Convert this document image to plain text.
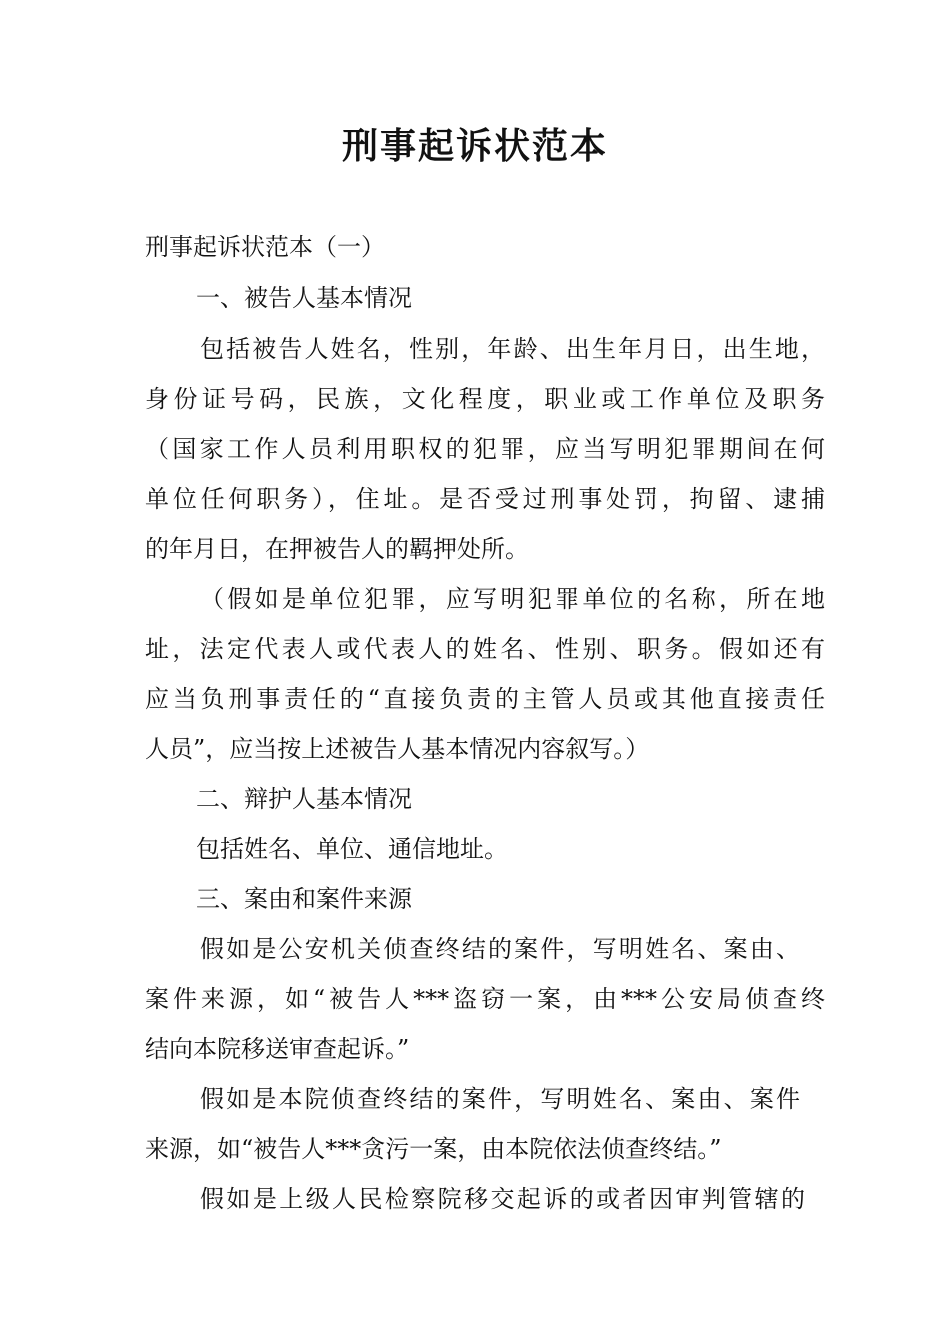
刑事起诉状范本
刑事起诉状范本（一）
一、被告人基本情况
包括被告人姓名，性别，年龄、出生年月日，出生地，
身份证号码，民族，文化程度，职业或工作单位及职务
（国家工作人员利用职权的犯罪，应当写明犯罪期间在何
单位任何职务），住址。是否受过刑事处罚，拘留、逮捕
的年月日，在押被告人的羁押处所。
（假如是单位犯罪，应写明犯罪单位的名称，所在地
址，法定代表人或代表人的姓名、性别、职务。假如还有
应当负刑事责任的“直接负责的主管人员或其他直接责任
人员”，应当按上述被告人基本情况内容叙写。）
二、辩护人基本情况
包括姓名、单位、通信地址。
三、案由和案件来源
假如是公安机关侦查终结的案件，写明姓名、案由、
案件来源，如“被告人***盗窃一案，由***公安局侦查终
结向本院移送审查起诉。”
假如是本院侦查终结的案件，写明姓名、案由、案件
来源，如“被告人***贪污一案，由本院依法侦查终结。”
假如是上级人民检察院移交起诉的或者因审判管辖的
